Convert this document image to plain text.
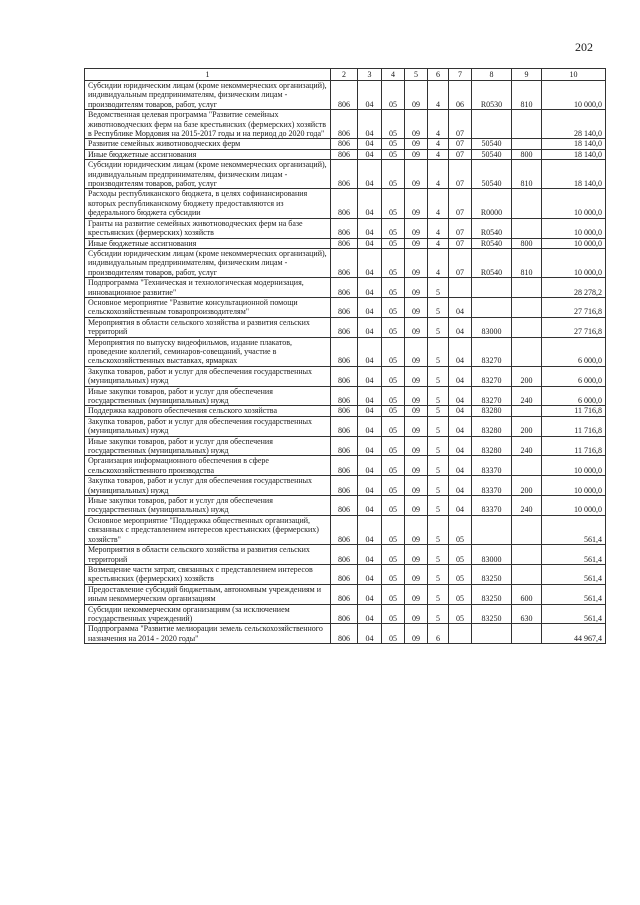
202
1	2	3	4	5	6	7	8	9	10
Субсидии юридическим лицам (кроме некоммерческих организаций), индивидуальным предпринимателям, физическим лицам - производителям товаров, работ, услуг	806	04	05	09	4	06	R0530	810	10 000,0
Ведомственная целевая программа "Развитие семейных животноводческих ферм на базе крестьянских (фермерских) хозяйств в Республике Мордовия на 2015-2017 годы и на период до 2020 года"	806	04	05	09	4	07			28 140,0
Развитие семейных животноводческих ферм	806	04	05	09	4	07	50540		18 140,0
Иные бюджетные ассигнования	806	04	05	09	4	07	50540	800	18 140,0
Субсидии юридическим лицам (кроме некоммерческих организаций), индивидуальным предпринимателям, физическим лицам - производителям товаров, работ, услуг	806	04	05	09	4	07	50540	810	18 140,0
Расходы республиканского бюджета, в целях софинансирования которых республиканскому бюджету предоставляются из федерального бюджета субсидии	806	04	05	09	4	07	R0000		10 000,0
Гранты на развитие семейных животноводческих ферм на базе крестьянских (фермерских) хозяйств	806	04	05	09	4	07	R0540		10 000,0
Иные бюджетные ассигнования	806	04	05	09	4	07	R0540	800	10 000,0
Субсидии юридическим лицам (кроме некоммерческих организаций), индивидуальным предпринимателям, физическим лицам - производителям товаров, работ, услуг	806	04	05	09	4	07	R0540	810	10 000,0
Подпрограмма "Техническая и технологическая модернизация, инновационное развитие"	806	04	05	09	5				28 278,2
Основное мероприятие "Развитие консультационной помощи сельскохозяйственным товаропроизводителям"	806	04	05	09	5	04			27 716,8
Мероприятия в области сельского хозяйства и развития сельских территорий	806	04	05	09	5	04	83000		27 716,8
Мероприятия по выпуску видеофильмов, издание плакатов, проведение коллегий, семинаров-совещаний, участие в сельскохозяйственных выставках, ярмарках	806	04	05	09	5	04	83270		6 000,0
Закупка товаров, работ и услуг для обеспечения государственных (муниципальных) нужд	806	04	05	09	5	04	83270	200	6 000,0
Иные закупки товаров, работ и услуг для обеспечения государственных (муниципальных) нужд	806	04	05	09	5	04	83270	240	6 000,0
Поддержка кадрового обеспечения сельского хозяйства	806	04	05	09	5	04	83280		11 716,8
Закупка товаров, работ и услуг для обеспечения государственных (муниципальных) нужд	806	04	05	09	5	04	83280	200	11 716,8
Иные закупки товаров, работ и услуг для обеспечения государственных (муниципальных) нужд	806	04	05	09	5	04	83280	240	11 716,8
Организация информационного обеспечения в сфере сельскохозяйственного производства	806	04	05	09	5	04	83370		10 000,0
Закупка товаров, работ и услуг для обеспечения государственных (муниципальных) нужд	806	04	05	09	5	04	83370	200	10 000,0
Иные закупки товаров, работ и услуг для обеспечения государственных (муниципальных) нужд	806	04	05	09	5	04	83370	240	10 000,0
Основное мероприятие "Поддержка общественных организаций, связанных с представлением интересов крестьянских (фермерских) хозяйств"	806	04	05	09	5	05			561,4
Мероприятия в области сельского хозяйства и развития сельских территорий	806	04	05	09	5	05	83000		561,4
Возмещение части затрат, связанных с представлением интересов крестьянских (фермерских) хозяйств	806	04	05	09	5	05	83250		561,4
Предоставление субсидий бюджетным, автономным учреждениям и иным некоммерческим организациям	806	04	05	09	5	05	83250	600	561,4
Субсидии некоммерческим организациям (за исключением государственных учреждений)	806	04	05	09	5	05	83250	630	561,4
Подпрограмма "Развитие мелиорации земель сельскохозяйственного назначения на 2014 - 2020 годы"	806	04	05	09	6				44 967,4
